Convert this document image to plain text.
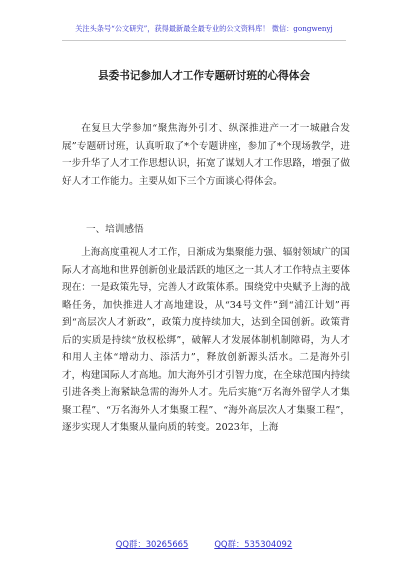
关注头条号“公文研究”，获得最新最全最专业的公文资料库！ 微信：gongwenyj
县委书记参加人才工作专题研讨班的心得体会
在复旦大学参加“聚焦海外引才、纵深推进产一才一城融合发展”专题研讨班，认真听取了*个专题讲座，参加了*个现场教学，进一步升华了人才工作思想认识，拓宽了谋划人才工作思路，增强了做好人才工作能力。主要从如下三个方面谈心得体会。
一、培训感悟
上海高度重视人才工作，日渐成为集聚能力强、辐射领域广的国际人才高地和世界创新创业最活跃的地区之一其人才工作特点主要体现在：一是政策先导，完善人才政策体系。围绕党中央赋予上海的战略任务，加快推进人才高地建设，从“34号文件”到“浦江计划”再到“高层次人才新政”，政策力度持续加大，达到全国创新。政策背后的实质是持续“放权松绑”，破解人才发展体制机制障碍，为人才和用人主体“增动力、添活力”，释放创新源头活水。二是海外引才，构建国际人才高地。加大海外引才引智力度，在全球范围内持续引进各类上海紧缺急需的海外人才。先后实施“万名海外留学人才集聚工程”、“万名海外人才集聚工程”、“海外高层次人才集聚工程”，逐步实现人才集聚从量向质的转变。2023年，上海
QQ群：30265665	QQ群：535304092
